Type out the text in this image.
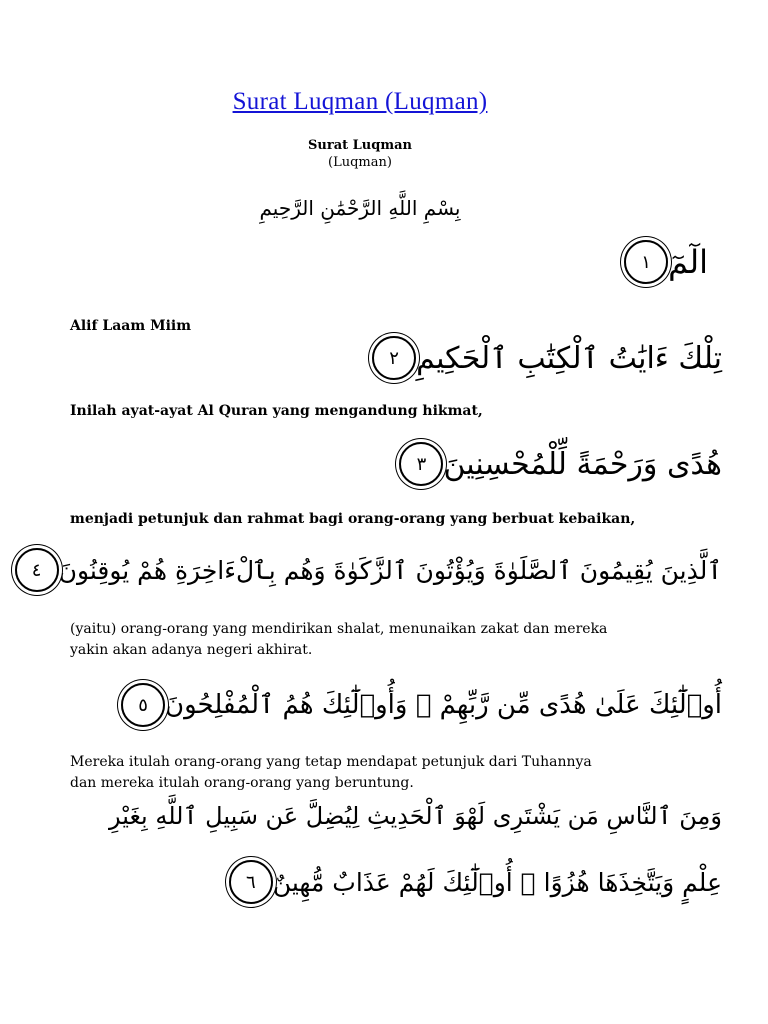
Surat Luqman (Luqman)
Surat Luqman
(Luqman)
بِسْمِ اللَّهِ الرَّحْمَٰنِ الرَّحِيمِ
الٓمٓ
١
Alif Laam Miim
تِلْكَ ءَايَٰتُ ٱلْكِتَٰبِ ٱلْحَكِيمِ
٢
Inilah ayat-ayat Al Quran yang mengandung hikmat,
هُدًى وَرَحْمَةً لِّلْمُحْسِنِينَ
٣
menjadi petunjuk dan rahmat bagi orang-orang yang berbuat kebaikan,
ٱلَّذِينَ يُقِيمُونَ ٱلصَّلَوٰةَ وَيُؤْتُونَ ٱلزَّكَوٰةَ وَهُم بِٱلْءَاخِرَةِ هُمْ يُوقِنُونَ
٤
(yaitu) orang-orang yang mendirikan shalat, menunaikan zakat dan mereka
yakin akan adanya negeri akhirat.
أُو۟لَٰٓئِكَ عَلَىٰ هُدًى مِّن رَّبِّهِمْ ۖ وَأُو۟لَٰٓئِكَ هُمُ ٱلْمُفْلِحُونَ
٥
Mereka itulah orang-orang yang tetap mendapat petunjuk dari Tuhannya
dan mereka itulah orang-orang yang beruntung.
وَمِنَ ٱلنَّاسِ مَن يَشْتَرِى لَهْوَ ٱلْحَدِيثِ لِيُضِلَّ عَن سَبِيلِ ٱللَّهِ بِغَيْرِ
عِلْمٍ وَيَتَّخِذَهَا هُزُوًا ۚ أُو۟لَٰٓئِكَ لَهُمْ عَذَابٌ مُّهِينٌ
٦
